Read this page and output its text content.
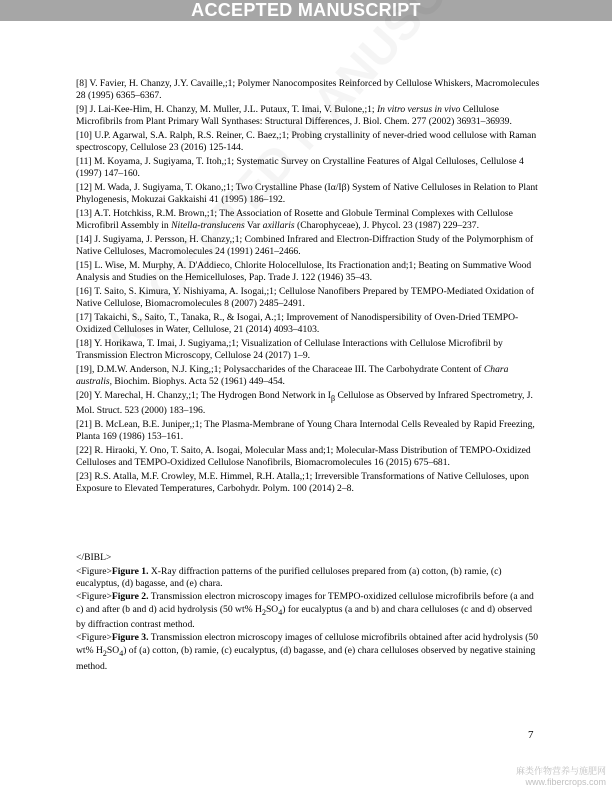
ACCEPTED MANUSCRIPT
[8] V. Favier, H. Chanzy, J.Y. Cavaille,;1; Polymer Nanocomposites Reinforced by Cellulose Whiskers, Macromolecules 28 (1995) 6365–6367.
[9] J. Lai-Kee-Him, H. Chanzy, M. Muller, J.L. Putaux, T. Imai, V. Bulone,;1; In vitro versus in vivo Cellulose Microfibrils from Plant Primary Wall Synthases: Structural Differences, J. Biol. Chem. 277 (2002) 36931–36939.
[10] U.P. Agarwal, S.A. Ralph, R.S. Reiner, C. Baez,;1; Probing crystallinity of never-dried wood cellulose with Raman spectroscopy, Cellulose 23 (2016) 125-144.
[11] M. Koyama, J. Sugiyama, T. Itoh,;1; Systematic Survey on Crystalline Features of Algal Celluloses, Cellulose 4 (1997) 147–160.
[12] M. Wada, J. Sugiyama, T. Okano,;1; Two Crystalline Phase (Iα/Iβ) System of Native Celluloses in Relation to Plant Phylogenesis, Mokuzai Gakkaishi 41 (1995) 186–192.
[13] A.T. Hotchkiss, R.M. Brown,;1; The Association of Rosette and Globule Terminal Complexes with Cellulose Microfibril Assembly in Nitella-translucens Var axillaris (Charophyceae), J. Phycol. 23 (1987) 229–237.
[14] J. Sugiyama, J. Persson, H. Chanzy,;1; Combined Infrared and Electron-Diffraction Study of the Polymorphism of Native Celluloses, Macromolecules 24 (1991) 2461–2466.
[15] L. Wise, M. Murphy, A. D'Addieco, Chlorite Holocellulose, Its Fractionation and;1; Beating on Summative Wood Analysis and Studies on the Hemicelluloses, Pap. Trade J. 122 (1946) 35–43.
[16] T. Saito, S. Kimura, Y. Nishiyama, A. Isogai,;1; Cellulose Nanofibers Prepared by TEMPO-Mediated Oxidation of Native Cellulose, Biomacromolecules 8 (2007) 2485–2491.
[17] Takaichi, S., Saito, T., Tanaka, R., & Isogai, A.;1; Improvement of Nanodispersibility of Oven-Dried TEMPO-Oxidized Celluloses in Water, Cellulose, 21 (2014) 4093–4103.
[18] Y. Horikawa, T. Imai, J. Sugiyama,;1; Visualization of Cellulase Interactions with Cellulose Microfibril by Transmission Electron Microscopy, Cellulose 24 (2017) 1–9.
[19], D.M.W. Anderson, N.J. King,;1; Polysaccharides of the Characeae III. The Carbohydrate Content of Chara australis, Biochim. Biophys. Acta 52 (1961) 449–454.
[20] Y. Marechal, H. Chanzy,;1; The Hydrogen Bond Network in $I_\beta$ Cellulose as Observed by Infrared Spectrometry, J. Mol. Struct. 523 (2000) 183–196.
[21] B. McLean, B.E. Juniper,;1; The Plasma-Membrane of Young Chara Internodal Cells Revealed by Rapid Freezing, Planta 169 (1986) 153–161.
[22] R. Hiraoki, Y. Ono, T. Saito, A. Isogai, Molecular Mass and;1; Molecular-Mass Distribution of TEMPO-Oxidized Celluloses and TEMPO-Oxidized Cellulose Nanofibrils, Biomacromolecules 16 (2015) 675–681.
[23] R.S. Atalla, M.F. Crowley, M.E. Himmel, R.H. Atalla,;1; Irreversible Transformations of Native Celluloses, upon Exposure to Elevated Temperatures, Carbohydr. Polym. 100 (2014) 2–8.
</BIBL>
<Figure>Figure 1. X-Ray diffraction patterns of the purified celluloses prepared from (a) cotton, (b) ramie, (c) eucalyptus, (d) bagasse, and (e) chara.
<Figure>Figure 2. Transmission electron microscopy images for TEMPO-oxidized cellulose microfibrils before (a and c) and after (b and d) acid hydrolysis (50 wt% $H_2SO_4$) for eucalyptus (a and b) and chara celluloses (c and d) observed by diffraction contrast method.
<Figure>Figure 3. Transmission electron microscopy images of cellulose microfibrils obtained after acid hydrolysis (50 wt% $H_2SO_4$) of (a) cotton, (b) ramie, (c) eucalyptus, (d) bagasse, and (e) chara celluloses observed by negative staining method.
7
麻类作物营养与施肥网
www.fibercrops.com
